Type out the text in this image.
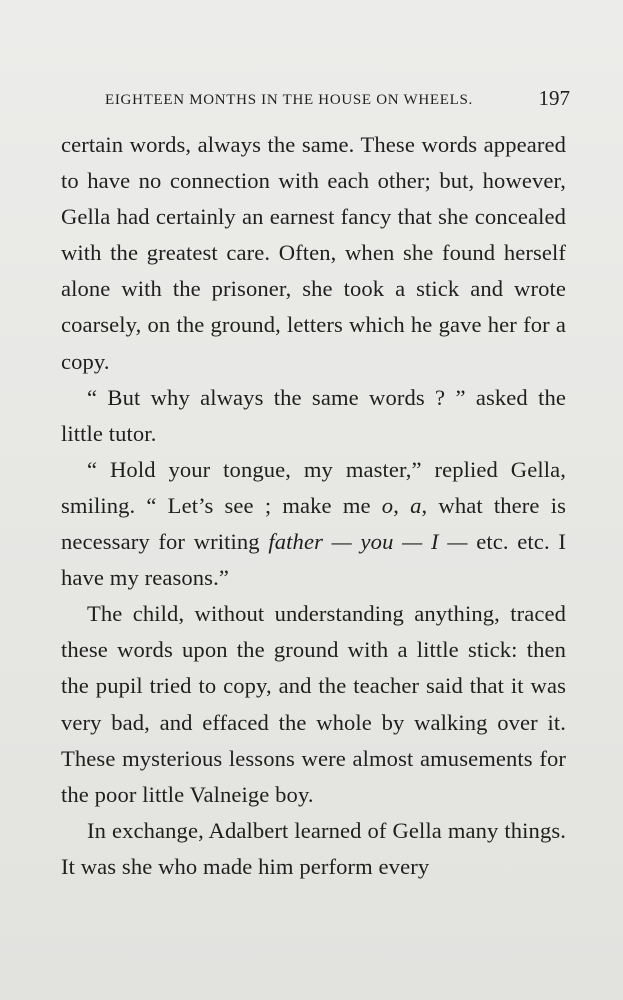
EIGHTEEN MONTHS IN THE HOUSE ON WHEELS.	197

certain words, always the same. These words appeared to have no connection with each other; but, however, Gella had certainly an earnest fancy that she concealed with the greatest care. Often, when she found herself alone with the prisoner, she took a stick and wrote coarsely, on the ground, letters which he gave her for a copy.

“ But why always the same words ? ” asked the little tutor.

“ Hold your tongue, my master,” replied Gella, smiling. “ Let’s see ; make me o, a, what there is necessary for writing father — you — I — etc. etc. I have my reasons.”

The child, without understanding anything, traced these words upon the ground with a little stick: then the pupil tried to copy, and the teacher said that it was very bad, and effaced the whole by walking over it. These mysterious lessons were almost amusements for the poor little Valneige boy.

In exchange, Adalbert learned of Gella many things. It was she who made him perform every
